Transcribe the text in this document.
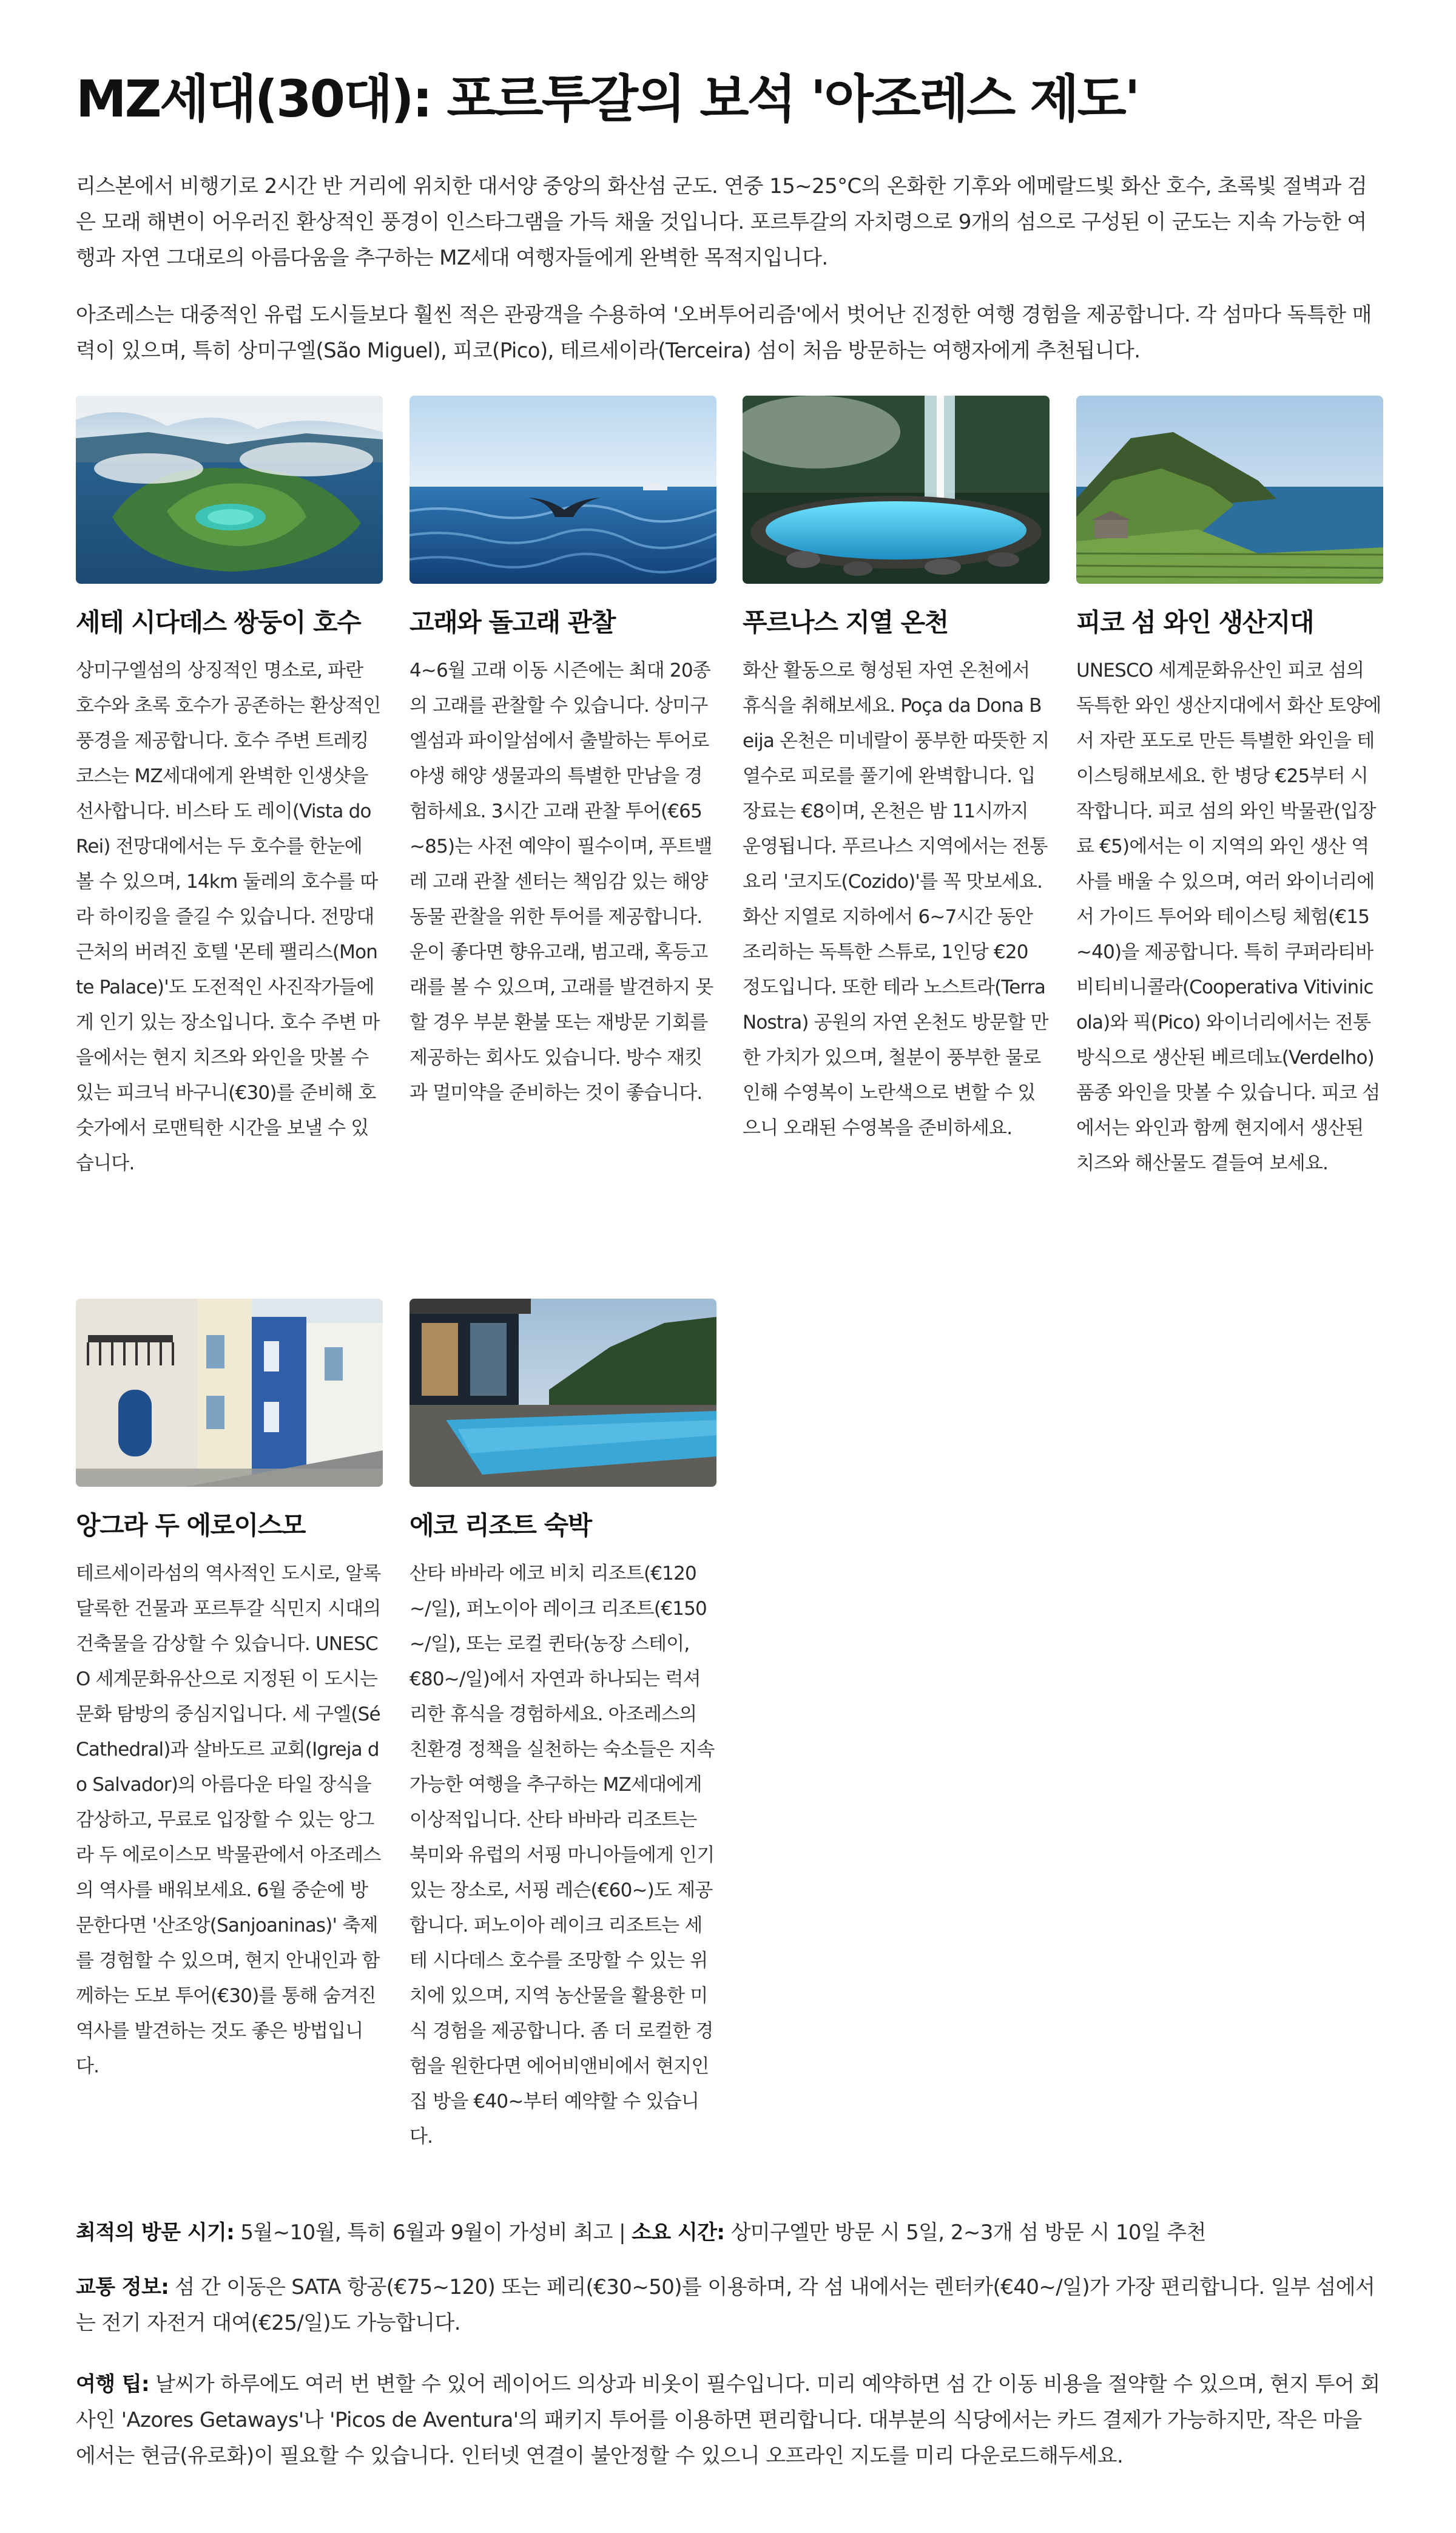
MZ세대(30대): 포르투갈의 보석 '아조레스 제도'

리스본에서 비행기로 2시간 반 거리에 위치한 대서양 중앙의 화산섬 군도. 연중 15~25°C의 온화한 기후와 에메랄드빛 화산 호수, 초록빛 절벽과 검은 모래 해변이 어우러진 환상적인 풍경이 인스타그램을 가득 채울 것입니다. 포르투갈의 자치령으로 9개의 섬으로 구성된 이 군도는 지속 가능한 여행과 자연 그대로의 아름다움을 추구하는 MZ세대 여행자들에게 완벽한 목적지입니다.

아조레스는 대중적인 유럽 도시들보다 훨씬 적은 관광객을 수용하여 '오버투어리즘'에서 벗어난 진정한 여행 경험을 제공합니다. 각 섬마다 독특한 매력이 있으며, 특히 상미구엘(São Miguel), 피코(Pico), 테르세이라(Terceira) 섬이 처음 방문하는 여행자에게 추천됩니다.

세테 시다데스 쌍둥이 호수

상미구엘섬의 상징적인 명소로, 파란 호수와 초록 호수가 공존하는 환상적인 풍경을 제공합니다. 호수 주변 트레킹 코스는 MZ세대에게 완벽한 인생샷을 선사합니다. 비스타 도 레이(Vista do Rei) 전망대에서는 두 호수를 한눈에 볼 수 있으며, 14km 둘레의 호수를 따라 하이킹을 즐길 수 있습니다. 전망대 근처의 버려진 호텔 '몬테 팰리스(Monte Palace)'도 도전적인 사진작가들에게 인기 있는 장소입니다. 호수 주변 마을에서는 현지 치즈와 와인을 맛볼 수 있는 피크닉 바구니(€30)를 준비해 호숫가에서 로맨틱한 시간을 보낼 수 있습니다.

고래와 돌고래 관찰

4~6월 고래 이동 시즌에는 최대 20종의 고래를 관찰할 수 있습니다. 상미구엘섬과 파이알섬에서 출발하는 투어로 야생 해양 생물과의 특별한 만남을 경험하세요. 3시간 고래 관찰 투어(€65~85)는 사전 예약이 필수이며, 푸트밸레 고래 관찰 센터는 책임감 있는 해양 동물 관찰을 위한 투어를 제공합니다. 운이 좋다면 향유고래, 범고래, 혹등고래를 볼 수 있으며, 고래를 발견하지 못할 경우 부분 환불 또는 재방문 기회를 제공하는 회사도 있습니다. 방수 재킷과 멀미약을 준비하는 것이 좋습니다.

푸르나스 지열 온천

화산 활동으로 형성된 자연 온천에서 휴식을 취해보세요. Poça da Dona Beija 온천은 미네랄이 풍부한 따뜻한 지열수로 피로를 풀기에 완벽합니다. 입장료는 €8이며, 온천은 밤 11시까지 운영됩니다. 푸르나스 지역에서는 전통 요리 '코지도(Cozido)'를 꼭 맛보세요. 화산 지열로 지하에서 6~7시간 동안 조리하는 독특한 스튜로, 1인당 €20 정도입니다. 또한 테라 노스트라(Terra Nostra) 공원의 자연 온천도 방문할 만한 가치가 있으며, 철분이 풍부한 물로 인해 수영복이 노란색으로 변할 수 있으니 오래된 수영복을 준비하세요.

피코 섬 와인 생산지대

UNESCO 세계문화유산인 피코 섬의 독특한 와인 생산지대에서 화산 토양에서 자란 포도로 만든 특별한 와인을 테이스팅해보세요. 한 병당 €25부터 시작합니다. 피코 섬의 와인 박물관(입장료 €5)에서는 이 지역의 와인 생산 역사를 배울 수 있으며, 여러 와이너리에서 가이드 투어와 테이스팅 체험(€15~40)을 제공합니다. 특히 쿠퍼라티바 비티비니콜라(Cooperativa Vitivinicola)와 픽(Pico) 와이너리에서는 전통 방식으로 생산된 베르데뇨(Verdelho) 품종 와인을 맛볼 수 있습니다. 피코 섬에서는 와인과 함께 현지에서 생산된 치즈와 해산물도 곁들여 보세요.

앙그라 두 에로이스모

테르세이라섬의 역사적인 도시로, 알록달록한 건물과 포르투갈 식민지 시대의 건축물을 감상할 수 있습니다. UNESCO 세계문화유산으로 지정된 이 도시는 문화 탐방의 중심지입니다. 세 구엘(Sé Cathedral)과 살바도르 교회(Igreja do Salvador)의 아름다운 타일 장식을 감상하고, 무료로 입장할 수 있는 앙그라 두 에로이스모 박물관에서 아조레스의 역사를 배워보세요. 6월 중순에 방문한다면 '산조앙(Sanjoaninas)' 축제를 경험할 수 있으며, 현지 안내인과 함께하는 도보 투어(€30)를 통해 숨겨진 역사를 발견하는 것도 좋은 방법입니다.

에코 리조트 숙박

산타 바바라 에코 비치 리조트(€120~/일), 퍼노이아 레이크 리조트(€150~/일), 또는 로컬 퀸타(농장 스테이, €80~/일)에서 자연과 하나되는 럭셔리한 휴식을 경험하세요. 아조레스의 친환경 정책을 실천하는 숙소들은 지속 가능한 여행을 추구하는 MZ세대에게 이상적입니다. 산타 바바라 리조트는 북미와 유럽의 서핑 마니아들에게 인기 있는 장소로, 서핑 레슨(€60~)도 제공합니다. 퍼노이아 레이크 리조트는 세테 시다데스 호수를 조망할 수 있는 위치에 있으며, 지역 농산물을 활용한 미식 경험을 제공합니다. 좀 더 로컬한 경험을 원한다면 에어비앤비에서 현지인 집 방을 €40~부터 예약할 수 있습니다.

최적의 방문 시기: 5월~10월, 특히 6월과 9월이 가성비 최고 | 소요 시간: 상미구엘만 방문 시 5일, 2~3개 섬 방문 시 10일 추천

교통 정보: 섬 간 이동은 SATA 항공(€75~120) 또는 페리(€30~50)를 이용하며, 각 섬 내에서는 렌터카(€40~/일)가 가장 편리합니다. 일부 섬에서는 전기 자전거 대여(€25/일)도 가능합니다.

여행 팁: 날씨가 하루에도 여러 번 변할 수 있어 레이어드 의상과 비옷이 필수입니다. 미리 예약하면 섬 간 이동 비용을 절약할 수 있으며, 현지 투어 회사인 'Azores Getaways'나 'Picos de Aventura'의 패키지 투어를 이용하면 편리합니다. 대부분의 식당에서는 카드 결제가 가능하지만, 작은 마을에서는 현금(유로화)이 필요할 수 있습니다. 인터넷 연결이 불안정할 수 있으니 오프라인 지도를 미리 다운로드해두세요.
